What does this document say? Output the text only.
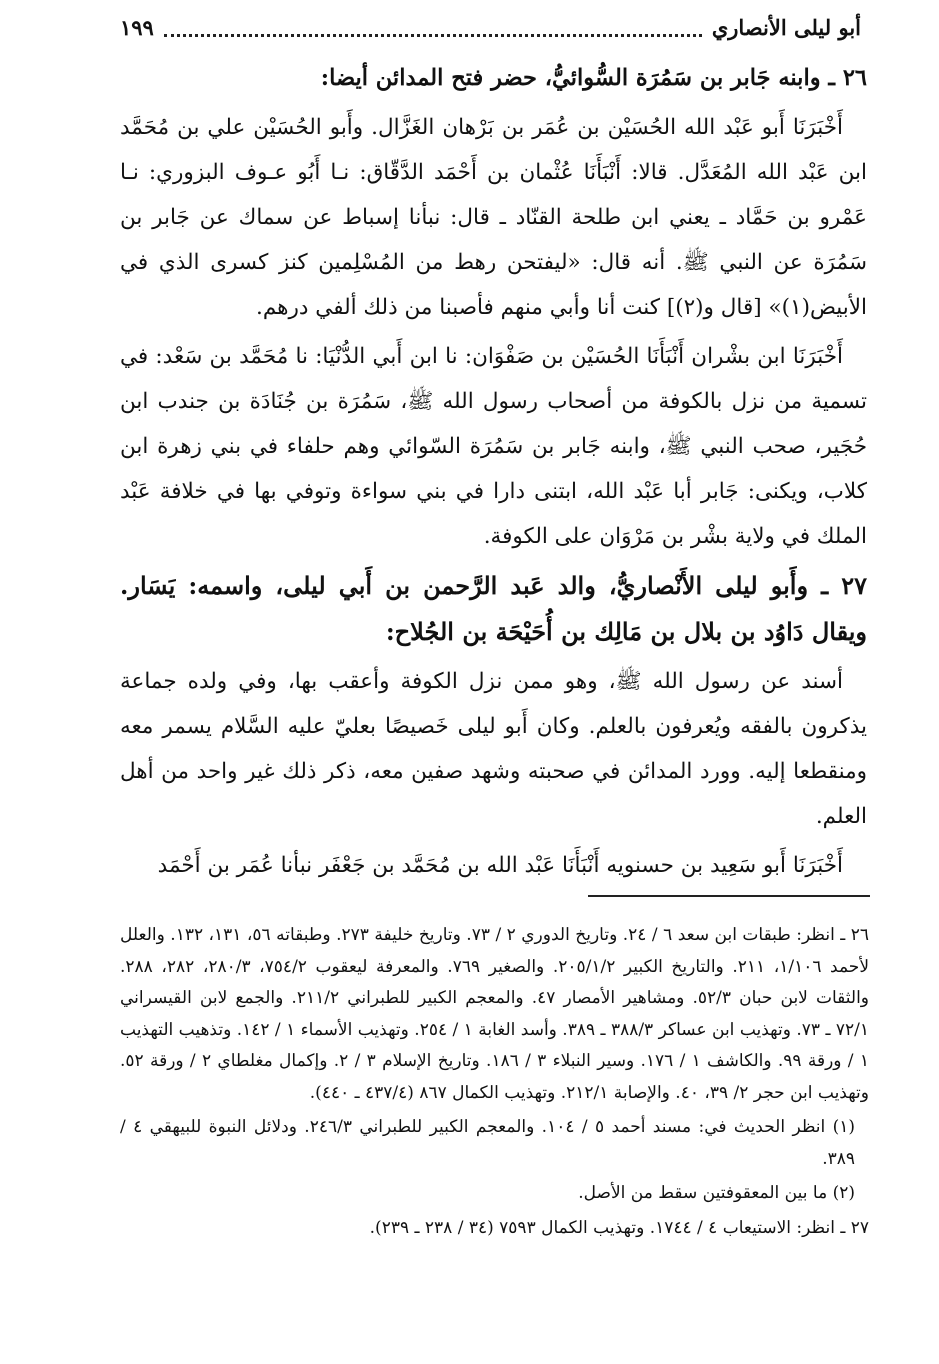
أبو ليلى الأنصاري
١٩٩
٢٦ ـ وابنه جَابر بن سَمُرَة السُّوائيُّ، حضر فتح المدائن أيضا:

أَخْبَرَنَا أَبو عَبْد الله الحُسَيْن بن عُمَر بن بَرْهان الغَزَّال. وأَبو الحُسَيْن علي بن مُحَمَّد ابن عَبْد الله المُعَدَّل. قالا: أَنْبَأَنَا عُثْمان بن أَحْمَد الدَّقّاق: نـا أَبُو عـوف البزوري: نـا عَمْرو بن حَمَّاد ـ يعني ابن طلحة القنّاد ـ قال: نبأنا إسباط عن سماك عن جَابر بن سَمُرَة عن النبي ﷺ. أنه قال: «ليفتحن رهط من المُسْلِمين كنز كسرى الذي في الأبيض(١)» [قال و(٢)] كنت أنا وأبي منهم فأصبنا من ذلك ألفي درهم.

أَخْبَرَنَا ابن بشْران أَنْبَأَنَا الحُسَيْن بن صَفْوَان: نا ابن أَبي الدُّنْيَا: نا مُحَمَّد بن سَعْد: في تسمية من نزل بالكوفة من أصحاب رسول الله ﷺ، سَمُرَة بن جُنَادَة بن جندب ابن حُجَير، صحب النبي ﷺ، وابنه جَابر بن سَمُرَة السّوائي وهم حلفاء في بني زهرة ابن كلاب، ويكنى: جَابر أبا عَبْد الله، ابتنى دارا في بني سواءة وتوفي بها في خلافة عَبْد الملك في ولاية بشْر بن مَرْوَان على الكوفة.

٢٧ ـ وأَبو ليلى الأَنْصاريُّ، والد عَبد الرَّحمن بن أَبي ليلى، واسمه: يَسَار. ويقال دَاوُد بن بلال بن مَالِك بن أُحَيْحَة بن الجُلاح:

أسند عن رسول الله ﷺ، وهو ممن نزل الكوفة وأعقب بها، وفي ولده جماعة يذكرون بالفقه ويُعرفون بالعلم. وكان أَبو ليلى خَصيصًا بعليّ عليه السَّلام يسمر معه ومنقطعا إليه. وورد المدائن في صحبته وشهد صفين معه، ذكر ذلك غير واحد من أهل العلم.

أَخْبَرَنَا أَبو سَعِيد بن حسنويه أَنْبَأَنَا عَبْد الله بن مُحَمَّد بن جَعْفَر نبأنا عُمَر بن أَحْمَد

٢٦ ـ انظر: طبقات ابن سعد ٦ / ٢٤. وتاريخ الدوري ٢ / ٧٣. وتاريخ خليفة ٢٧٣. وطبقاته ٥٦، ١٣١، ١٣٢. والعلل لأحمد ١/١٠٦، ٢١١. والتاريخ الكبير ٢٠٥/١/٢. والصغير ٧٦٩. والمعرفة ليعقوب ٧٥٤/٢، ٢٨٠/٣، ٢٨٢، ٢٨٨. والثقات لابن حبان ٥٢/٣. ومشاهير الأمصار ٤٧. والمعجم الكبير للطبراني ٢١١/٢. والجمع لابن القيسراني ٧٢/١ ـ ٧٣. وتهذيب ابن عساكر ٣٨٨/٣ ـ ٣٨٩. وأسد الغابة ١ / ٢٥٤. وتهذيب الأسماء ١ / ١٤٢. وتذهيب التهذيب ١ / ورقة ٩٩. والكاشف ١ / ١٧٦. وسير النبلاء ٣ / ١٨٦. وتاريخ الإسلام ٣ / ٢. وإكمال مغلطاي ٢ / ورقة ٥٢. وتهذيب ابن حجر ٢/ ٣٩، ٤٠. والإصابة ٢١٢/١. وتهذيب الكمال ٨٦٧ (٤٣٧/٤ ـ ٤٤٠).
(١) انظر الحديث في: مسند أحمد ٥ / ١٠٤. والمعجم الكبير للطبراني ٢٤٦/٣. ودلائل النبوة للبيهقي ٤ / ٣٨٩.
(٢) ما بين المعقوفتين سقط من الأصل.
٢٧ ـ انظر: الاستيعاب ٤ / ١٧٤٤. وتهذيب الكمال ٧٥٩٣ (٣٤ / ٢٣٨ ـ ٢٣٩).
